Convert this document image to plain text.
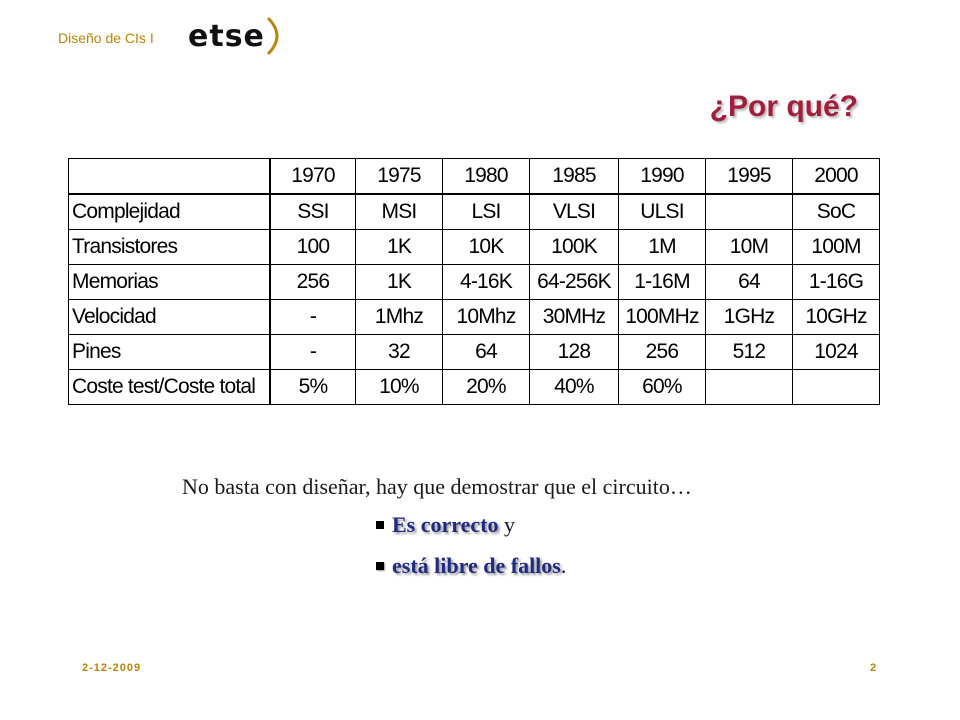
Diseño de CIs I etse
¿Por qué?
	1970	1975	1980	1985	1990	1995	2000
Complejidad	SSI	MSI	LSI	VLSI	ULSI		SoC
Transistores	100	1K	10K	100K	1M	10M	100M
Memorias	256	1K	4-16K	64-256K	1-16M	64	1-16G
Velocidad	-	1Mhz	10Mhz	30MHz	100MHz	1GHz	10GHz
Pines	-	32	64	128	256	512	1024
Coste test/Coste total	5%	10%	20%	40%	60%		
No basta con diseñar, hay que demostrar que el circuito…
Es correcto y
está libre de fallos.
2-12-2009	2
